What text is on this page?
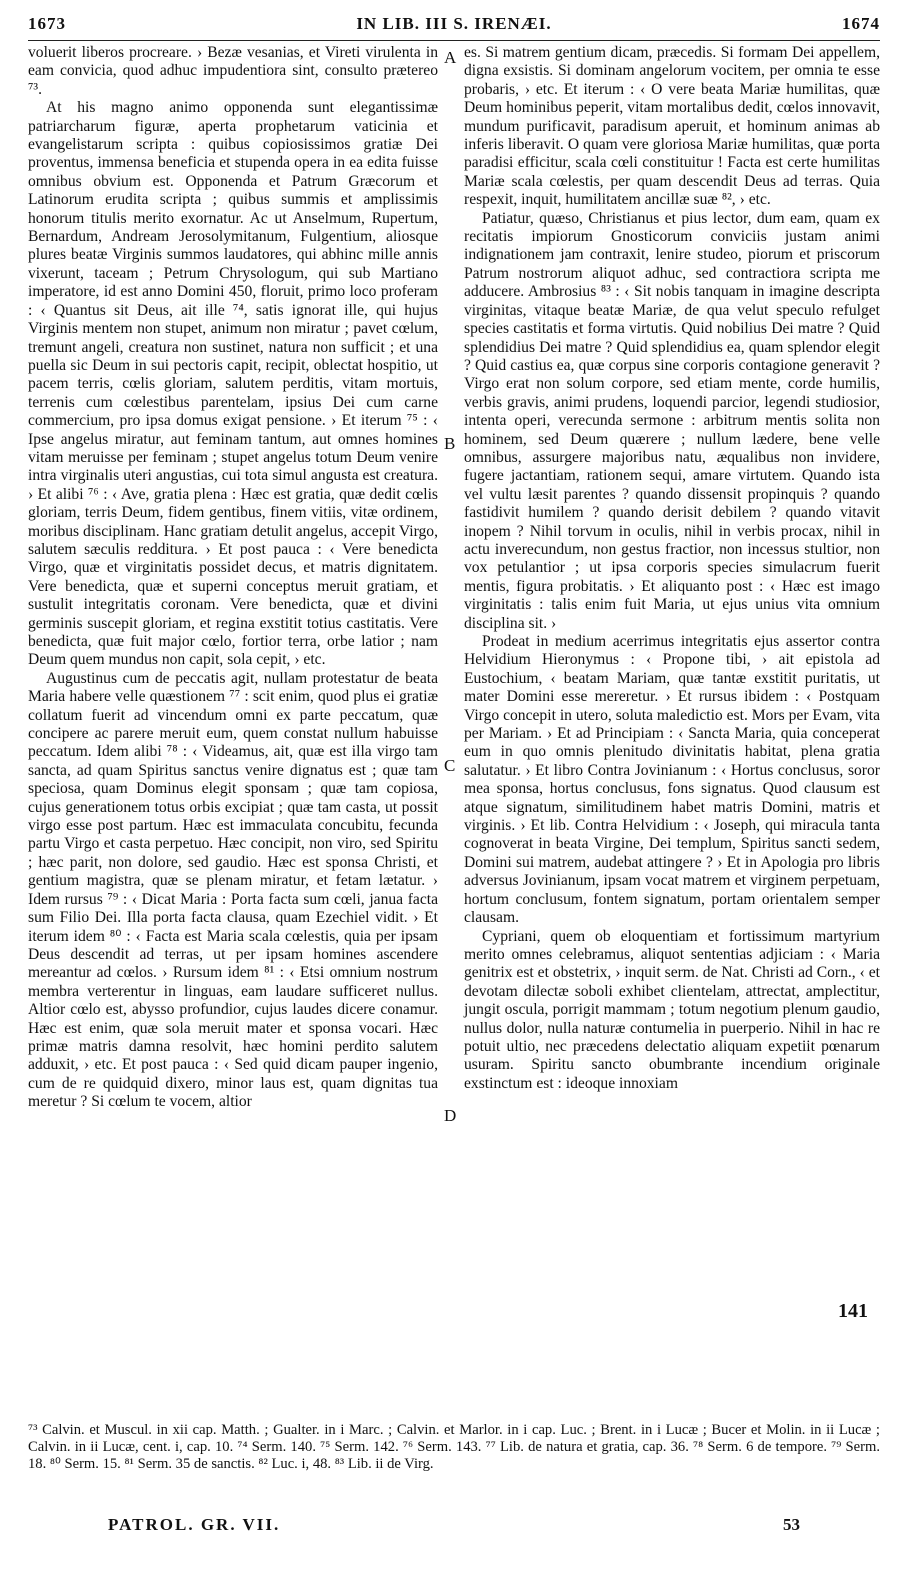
1673	IN LIB. III S. IRENÆI.	1674

voluerit liberos procreare. › Bezæ vesanias, et Vireti virulenta in eam convicia, quod adhuc impudentiora sint, consulto prætereo ⁷³.

At his magno animo opponenda sunt elegantissimæ patriarcharum figuræ, aperta prophetarum vaticinia et evangelistarum scripta : quibus copiosissimos gratiæ Dei proventus, immensa beneficia et stupenda opera in ea edita fuisse omnibus obvium est. Opponenda et Patrum Græcorum et Latinorum erudita scripta ; quibus summis et amplissimis honorum titulis merito exornatur. Ac ut Anselmum, Rupertum, Bernardum, Andream Jerosolymitanum, Fulgentium, aliosque plures beatæ Virginis summos laudatores, qui abhinc mille annis vixerunt, taceam ; Petrum Chrysologum, qui sub Martiano imperatore, id est anno Domini 450, floruit, primo loco proferam : ‹ Quantus sit Deus, ait ille ⁷⁴, satis ignorat ille, qui hujus Virginis mentem non stupet, animum non miratur ; pavet cœlum, tremunt angeli, creatura non sustinet, natura non sufficit ; et una puella sic Deum in sui pectoris capit, recipit, oblectat hospitio, ut pacem terris, cœlis gloriam, salutem perditis, vitam mortuis, terrenis cum cœlestibus parentelam, ipsius Dei cum carne commercium, pro ipsa domus exigat pensione. › Et iterum ⁷⁵ : ‹ Ipse angelus miratur, aut feminam tantum, aut omnes homines vitam meruisse per feminam ; stupet angelus totum Deum venire intra virginalis uteri angustias, cui tota simul angusta est creatura. › Et alibi ⁷⁶ : ‹ Ave, gratia plena : Hæc est gratia, quæ dedit cœlis gloriam, terris Deum, fidem gentibus, finem vitiis, vitæ ordinem, moribus disciplinam. Hanc gratiam detulit angelus, accepit Virgo, salutem sæculis redditura. › Et post pauca : ‹ Vere benedicta Virgo, quæ et virginitatis possidet decus, et matris dignitatem. Vere benedicta, quæ et superni conceptus meruit gratiam, et sustulit integritatis coronam. Vere benedicta, quæ et divini germinis suscepit gloriam, et regina exstitit totius castitatis. Vere benedicta, quæ fuit major cœlo, fortior terra, orbe latior ; nam Deum quem mundus non capit, sola cepit, › etc.

Augustinus cum de peccatis agit, nullam protestatur de beata Maria habere velle quæstionem ⁷⁷ : scit enim, quod plus ei gratiæ collatum fuerit ad vincendum omni ex parte peccatum, quæ concipere ac parere meruit eum, quem constat nullum habuisse peccatum. Idem alibi ⁷⁸ : ‹ Videamus, ait, quæ est illa virgo tam sancta, ad quam Spiritus sanctus venire dignatus est ; quæ tam speciosa, quam Dominus elegit sponsam ; quæ tam copiosa, cujus generationem totus orbis excipiat ; quæ tam casta, ut possit virgo esse post partum. Hæc est immaculata concubitu, fecunda partu Virgo et casta perpetuo. Hæc concipit, non viro, sed Spiritu ; hæc parit, non dolore, sed gaudio. Hæc est sponsa Christi, et gentium magistra, quæ se plenam miratur, et fetam lætatur. › Idem rursus ⁷⁹ : ‹ Dicat Maria : Porta facta sum cœli, janua facta sum Filio Dei. Illa porta facta clausa, quam Ezechiel vidit. › Et iterum idem ⁸⁰ : ‹ Facta est Maria scala cœlestis, quia per ipsam Deus descendit ad terras, ut per ipsam homines ascendere mereantur ad cœlos. › Rursum idem ⁸¹ : ‹ Etsi omnium nostrum membra verterentur in linguas, eam laudare sufficeret nullus. Altior cœlo est, abysso profundior, cujus laudes dicere conamur. Hæc est enim, quæ sola meruit mater et sponsa vocari. Hæc primæ matris damna resolvit, hæc homini perdito salutem adduxit, › etc. Et post pauca : ‹ Sed quid dicam pauper ingenio, cum de re quidquid dixero, minor laus est, quam dignitas tua meretur ? Si cœlum te vocem, altior

A
B
C
D

es. Si matrem gentium dicam, præcedis. Si formam Dei appellem, digna exsistis. Si dominam angelorum vocitem, per omnia te esse probaris, › etc. Et iterum : ‹ O vere beata Mariæ humilitas, quæ Deum hominibus peperit, vitam mortalibus dedit, cœlos innovavit, mundum purificavit, paradisum aperuit, et hominum animas ab inferis liberavit. O quam vere gloriosa Mariæ humilitas, quæ porta paradisi efficitur, scala cœli constituitur ! Facta est certe humilitas Mariæ scala cœlestis, per quam descendit Deus ad terras. Quia respexit, inquit, humilitatem ancillæ suæ ⁸², › etc.

Patiatur, quæso, Christianus et pius lector, dum eam, quam ex recitatis impiorum Gnosticorum conviciis justam animi indignationem jam contraxit, lenire studeo, piorum et priscorum Patrum nostrorum aliquot adhuc, sed contractiora scripta me adducere. Ambrosius ⁸³ : ‹ Sit nobis tanquam in imagine descripta virginitas, vitaque beatæ Mariæ, de qua velut speculo refulget species castitatis et forma virtutis. Quid nobilius Dei matre ? Quid splendidius Dei matre ? Quid splendidius ea, quam splendor elegit ? Quid castius ea, quæ corpus sine corporis contagione generavit ? Virgo erat non solum corpore, sed etiam mente, corde humilis, verbis gravis, animi prudens, loquendi parcior, legendi studiosior, intenta operi, verecunda sermone : arbitrum mentis solita non hominem, sed Deum quærere ; nullum lædere, bene velle omnibus, assurgere majoribus natu, æqualibus non invidere, fugere jactantiam, rationem sequi, amare virtutem. Quando ista vel vultu læsit parentes ? quando dissensit propinquis ? quando fastidivit humilem ? quando derisit debilem ? quando vitavit inopem ? Nihil torvum in oculis, nihil in verbis procax, nihil in actu inverecundum, non gestus fractior, non incessus stultior, non vox petulantior ; ut ipsa corporis species simulacrum fuerit mentis, figura probitatis. › Et aliquanto post : ‹ Hæc est imago virginitatis : talis enim fuit Maria, ut ejus unius vita omnium disciplina sit. ›

Prodeat in medium acerrimus integritatis ejus assertor contra Helvidium Hieronymus : ‹ Propone tibi, › ait epistola ad Eustochium, ‹ beatam Mariam, quæ tantæ exstitit puritatis, ut mater Domini esse mereretur. › Et rursus ibidem : ‹ Postquam Virgo concepit in utero, soluta maledictio est. Mors per Evam, vita per Mariam. › Et ad Principiam : ‹ Sancta Maria, quia conceperat eum in quo omnis plenitudo divinitatis habitat, plena gratia salutatur. › Et libro Contra Jovinianum : ‹ Hortus conclusus, soror mea sponsa, hortus conclusus, fons signatus. Quod clausum est atque signatum, similitudinem habet matris Domini, matris et virginis. › Et lib. Contra Helvidium : ‹ Joseph, qui miracula tanta cognoverat in beata Virgine, Dei templum, Spiritus sancti sedem, Domini sui matrem, audebat attingere ? › Et in Apologia pro libris adversus Jovinianum, ipsam vocat matrem et virginem perpetuam, hortum conclusum, fontem signatum, portam orientalem semper clausam.

Cypriani, quem ob eloquentiam et fortissimum martyrium merito omnes celebramus, aliquot sententias adjiciam : ‹ Maria genitrix est et obstetrix, › inquit serm. de Nat. Christi ad Corn., ‹ et devotam dilectæ soboli exhibet clientelam, attrectat, amplectitur, jungit oscula, porrigit mammam ; totum negotium plenum gaudio, nullus dolor, nulla naturæ contumelia in puerperio. Nihil in hac re potuit ultio, nec præcedens delectatio aliquam expetiit pœnarum usuram. Spiritu sancto obumbrante incendium originale exstinctum est : ideoque innoxiam

141
⁷³ Calvin. et Muscul. in xii cap. Matth. ; Gualter. in i Marc. ; Calvin. et Marlor. in i cap. Luc. ; Brent. in i Lucæ ; Bucer et Molin. in ii Lucæ ; Calvin. in ii Lucæ, cent. i, cap. 10. ⁷⁴ Serm. 140. ⁷⁵ Serm. 142. ⁷⁶ Serm. 143. ⁷⁷ Lib. de natura et gratia, cap. 36. ⁷⁸ Serm. 6 de tempore. ⁷⁹ Serm. 18. ⁸⁰ Serm. 15. ⁸¹ Serm. 35 de sanctis. ⁸² Luc. i, 48. ⁸³ Lib. ii de Virg.
PATROL. GR. VII.	53
